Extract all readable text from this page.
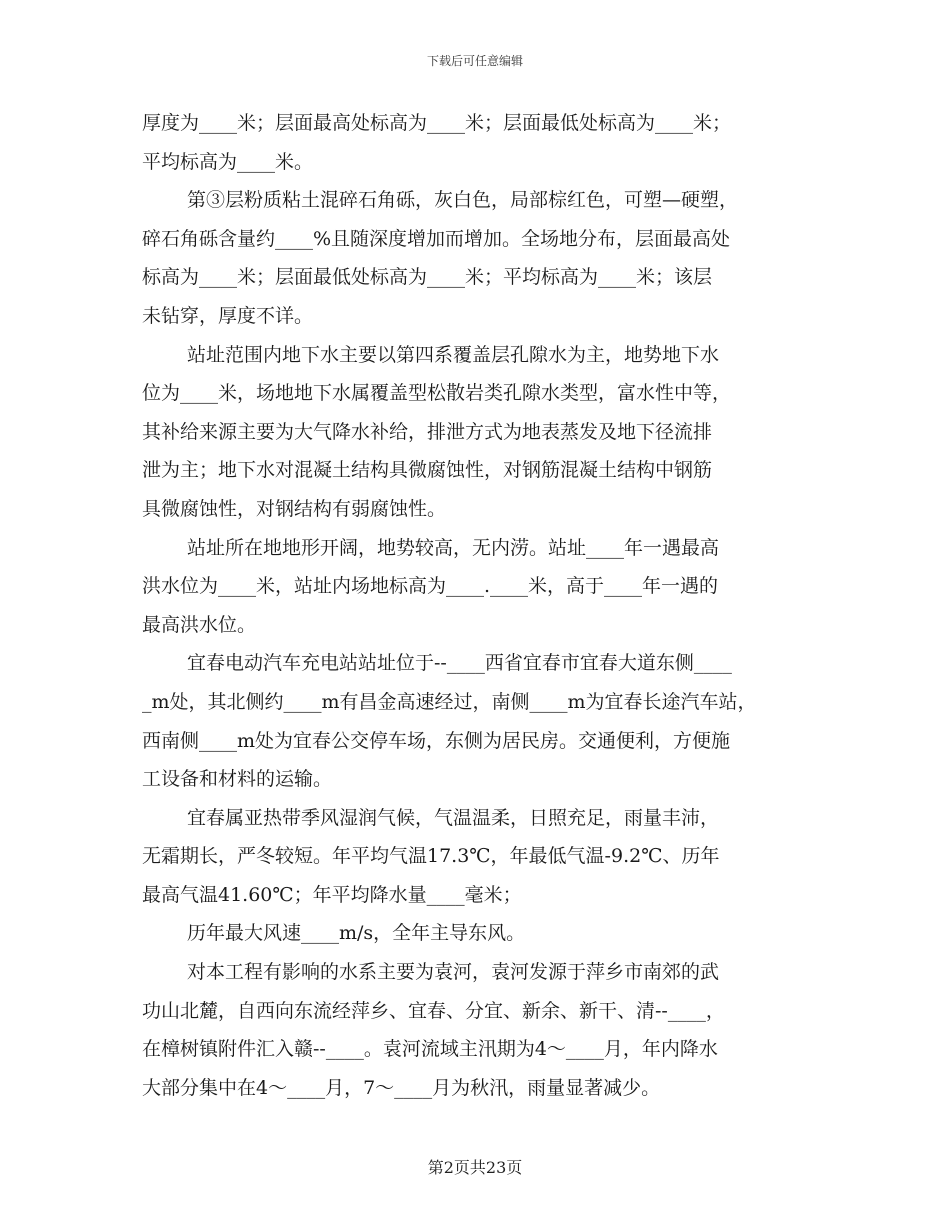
下载后可任意编辑
厚度为____米；层面最高处标高为____米；层面最低处标高为____米；
平均标高为____米。
第③层粉质粘土混碎石角砾，灰白色，局部棕红色，可塑—硬塑，
碎石角砾含量约____%且随深度增加而增加。全场地分布，层面最高处
标高为____米；层面最低处标高为____米；平均标高为____米；该层
未钻穿，厚度不详。
站址范围内地下水主要以第四系覆盖层孔隙水为主，地势地下水
位为____米，场地地下水属覆盖型松散岩类孔隙水类型，富水性中等，
其补给来源主要为大气降水补给，排泄方式为地表蒸发及地下径流排
泄为主；地下水对混凝土结构具微腐蚀性，对钢筋混凝土结构中钢筋
具微腐蚀性，对钢结构有弱腐蚀性。
站址所在地地形开阔，地势较高，无内涝。站址____年一遇最高
洪水位为____米，站址内场地标高为____.____米，高于____年一遇的
最高洪水位。
宜春电动汽车充电站站址位于--____西省宜春市宜春大道东侧____
_m处，其北侧约____m有昌金高速经过，南侧____m为宜春长途汽车站，
西南侧____m处为宜春公交停车场，东侧为居民房。交通便利，方便施
工设备和材料的运输。
宜春属亚热带季风湿润气候，气温温柔，日照充足，雨量丰沛，
无霜期长，严冬较短。年平均气温17.3℃，年最低气温-9.2℃、历年
最高气温41.60℃；年平均降水量____毫米；
历年最大风速____m/s，全年主导东风。
对本工程有影响的水系主要为袁河，袁河发源于萍乡市南郊的武
功山北麓，自西向东流经萍乡、宜春、分宜、新余、新干、清--____，
在樟树镇附件汇入赣--____。袁河流域主汛期为4～____月，年内降水
大部分集中在4～____月，7～____月为秋汛，雨量显著减少。
第2页共23页
